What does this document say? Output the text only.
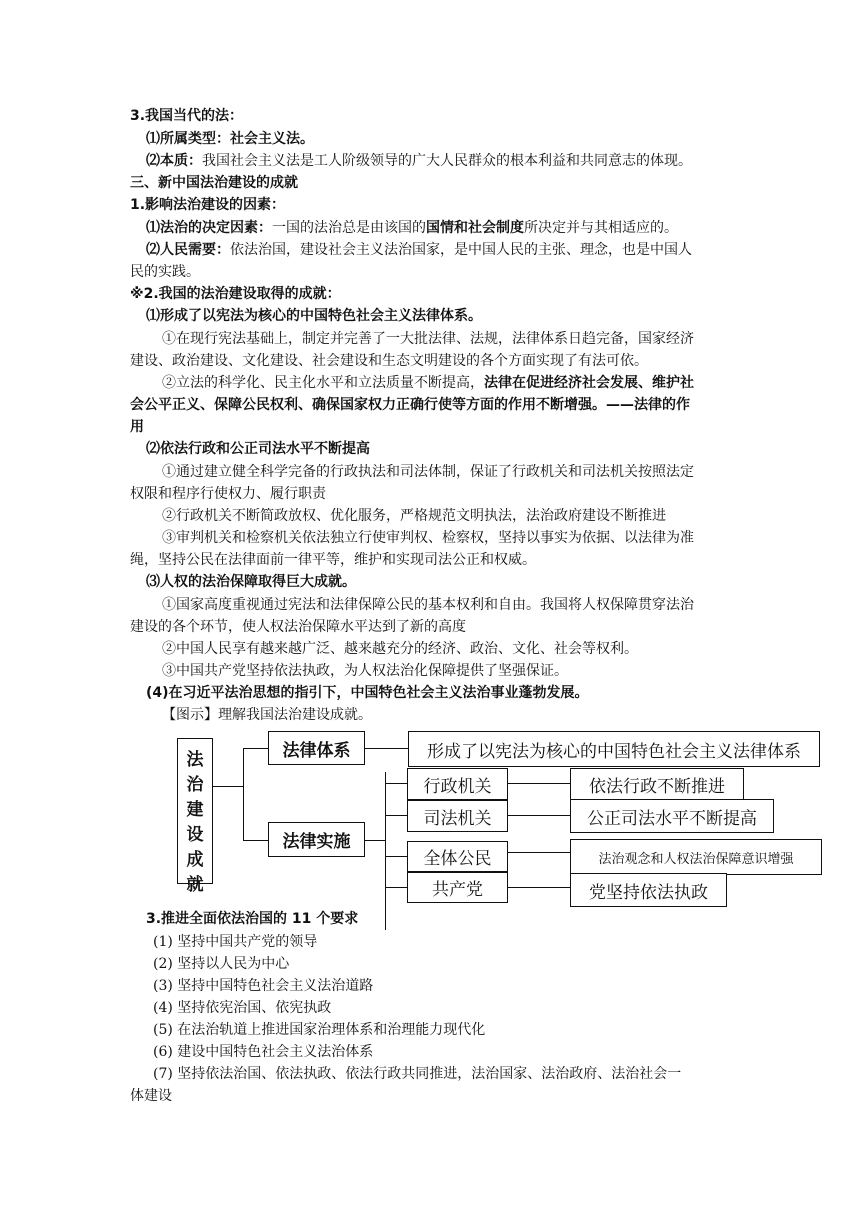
3.我国当代的法：
⑴所属类型：社会主义法。
⑵本质：我国社会主义法是工人阶级领导的广大人民群众的根本利益和共同意志的体现。
三、新中国法治建设的成就
1.影响法治建设的因素：
⑴法治的决定因素：一国的法治总是由该国的国情和社会制度所决定并与其相适应的。
⑵人民需要：依法治国，建设社会主义法治国家，是中国人民的主张、理念，也是中国人
民的实践。
※2.我国的法治建设取得的成就：
⑴形成了以宪法为核心的中国特色社会主义法律体系。
①在现行宪法基础上，制定并完善了一大批法律、法规，法律体系日趋完备，国家经济
建设、政治建设、文化建设、社会建设和生态文明建设的各个方面实现了有法可依。
②立法的科学化、民主化水平和立法质量不断提高，法律在促进经济社会发展、维护社
会公平正义、保障公民权利、确保国家权力正确行使等方面的作用不断增强。——法律的作
用
⑵依法行政和公正司法水平不断提高
①通过建立健全科学完备的行政执法和司法体制，保证了行政机关和司法机关按照法定
权限和程序行使权力、履行职责
②行政机关不断简政放权、优化服务，严格规范文明执法，法治政府建设不断推进
③审判机关和检察机关依法独立行使审判权、检察权，坚持以事实为依据、以法律为准
绳，坚持公民在法律面前一律平等，维护和实现司法公正和权威。
⑶人权的法治保障取得巨大成就。
①国家高度重视通过宪法和法律保障公民的基本权利和自由。我国将人权保障贯穿法治
建设的各个环节，使人权法治保障水平达到了新的高度
②中国人民享有越来越广泛、越来越充分的经济、政治、文化、社会等权利。
③中国共产党坚持依法执政，为人权法治化保障提供了坚强保证。
(4)在习近平法治思想的指引下，中国特色社会主义法治事业蓬勃发展。
【图示】理解我国法治建设成就。
法
治
建
设
成
就
法律体系
法律实施
形成了以宪法为核心的中国特色社会主义法律体系
行政机关
司法机关
全体公民
共产党
依法行政不断推进
公正司法水平不断提高
法治观念和人权法治保障意识增强
党坚持依法执政
3.推进全面依法治国的 11 个要求
(1) 坚持中国共产党的领导
(2) 坚持以人民为中心
(3) 坚持中国特色社会主义法治道路
(4) 坚持依宪治国、依宪执政
(5) 在法治轨道上推进国家治理体系和治理能力现代化
(6) 建设中国特色社会主义法治体系
(7) 坚持依法治国、依法执政、依法行政共同推进，法治国家、法治政府、法治社会一
体建设
